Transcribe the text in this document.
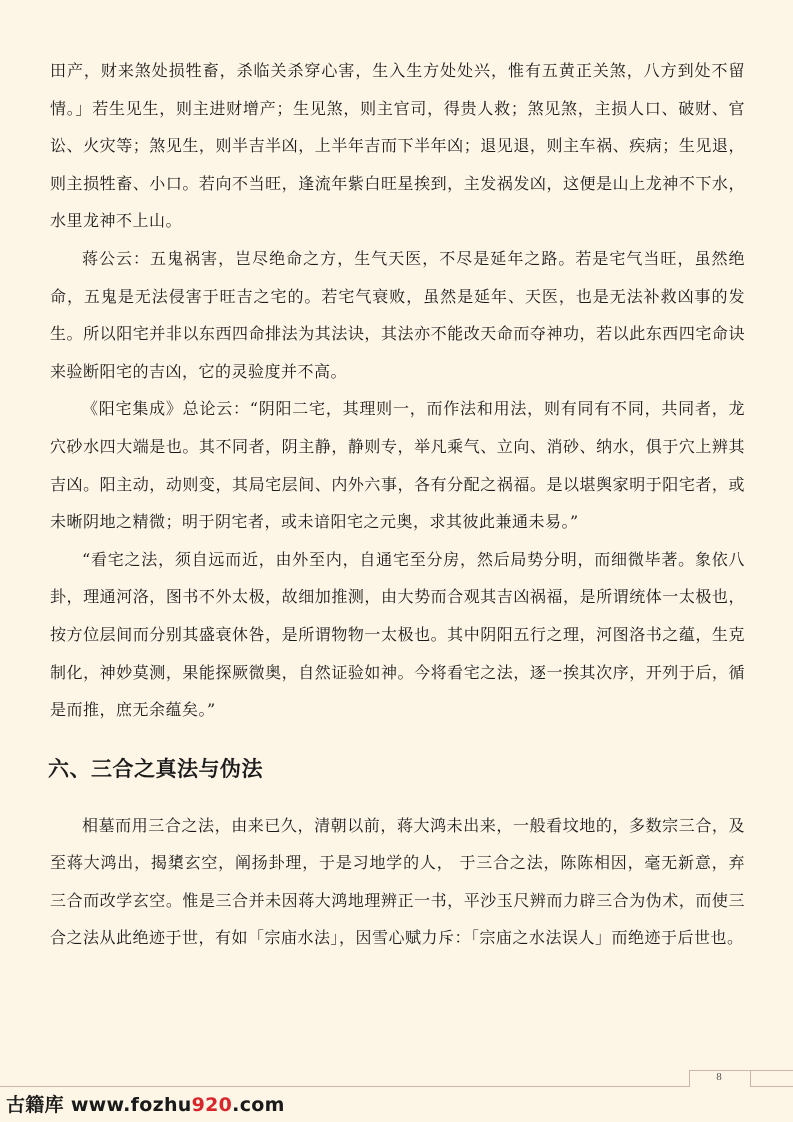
田产，财来煞处损牲畜，杀临关杀穿心害，生入生方处处兴，惟有五黄正关煞，八方到处不留情。」若生见生，则主进财增产；生见煞，则主官司，得贵人救；煞见煞，主损人口、破财、官讼、火灾等；煞见生，则半吉半凶，上半年吉而下半年凶；退见退，则主车祸、疾病；生见退，则主损牲畜、小口。若向不当旺，逢流年紫白旺星挨到，主发祸发凶，这便是山上龙神不下水，水里龙神不上山。

蒋公云：五鬼祸害，岂尽绝命之方，生气天医，不尽是延年之路。若是宅气当旺，虽然绝命，五鬼是无法侵害于旺吉之宅的。若宅气衰败，虽然是延年、天医，也是无法补救凶事的发生。所以阳宅并非以东西四命排法为其法诀，其法亦不能改天命而夺神功，若以此东西四宅命诀来验断阳宅的吉凶，它的灵验度并不高。

《阳宅集成》总论云：“阴阳二宅，其理则一，而作法和用法，则有同有不同，共同者，龙穴砂水四大端是也。其不同者，阴主静，静则专，举凡乘气、立向、消砂、纳水，俱于穴上辨其吉凶。阳主动，动则变，其局宅层间、内外六事，各有分配之祸福。是以堪舆家明于阳宅者，或未晰阴地之精微；明于阴宅者，或未谙阳宅之元奥，求其彼此兼通未易。”

“看宅之法，须自远而近，由外至内，自通宅至分房，然后局势分明，而细微毕著。象依八卦，理通河洛，图书不外太极，故细加推测，由大势而合观其吉凶祸福，是所谓统体一太极也，按方位层间而分别其盛衰休咎，是所谓物物一太极也。其中阴阳五行之理，河图洛书之蕴，生克制化，神妙莫测，果能探厥微奥，自然证验如神。今将看宅之法，逐一挨其次序，开列于后，循是而推，庶无余蕴矣。”

六、三合之真法与伪法

相墓而用三合之法，由来已久，清朝以前，蒋大鸿未出来，一般看坟地的，多数宗三合，及至蒋大鸿出，揭橥玄空，阐扬卦理，于是习地学的人， 于三合之法，陈陈相因，毫无新意，弃三合而改学玄空。惟是三合并未因蒋大鸿地理辨正一书，平沙玉尺辨而力辟三合为伪术，而使三合之法从此绝迹于世，有如「宗庙水法」，因雪心赋力斥：「宗庙之水法误人」而绝迹于后世也。

8
古籍库 www.fozhu920.com
